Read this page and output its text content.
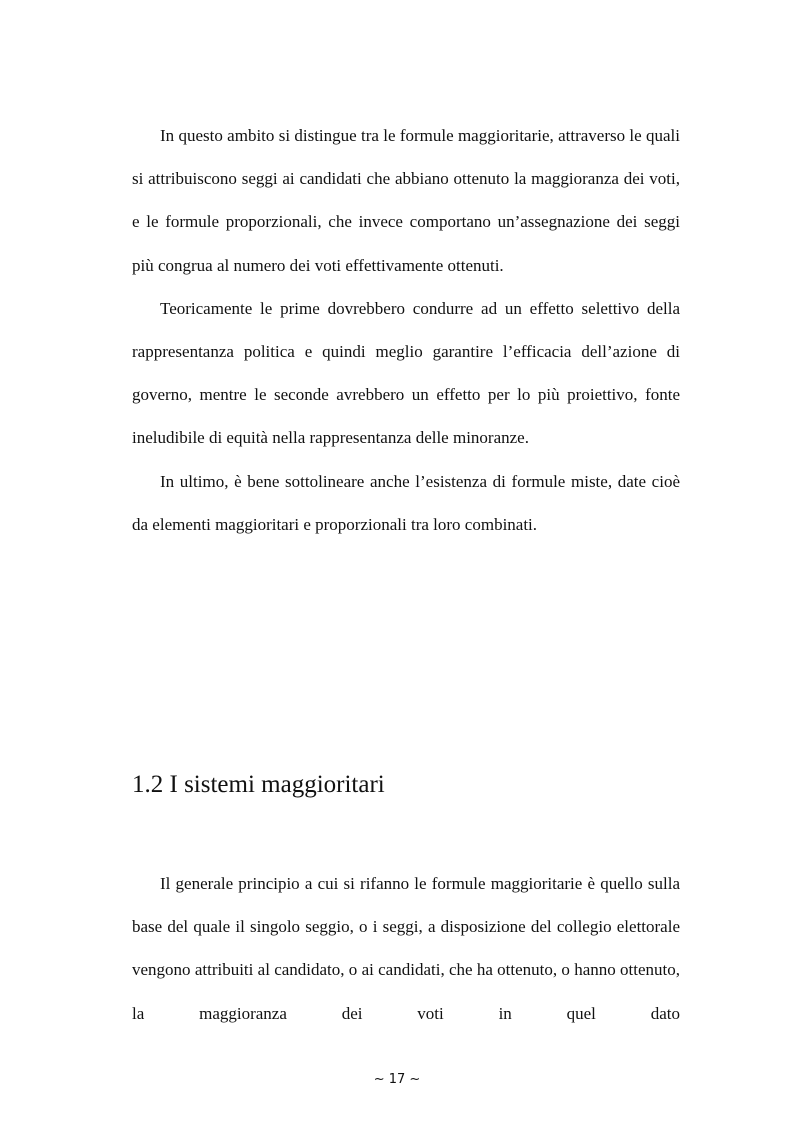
In questo ambito si distingue tra le formule maggioritarie, attraverso le quali si attribuiscono seggi ai candidati che abbiano ottenuto la maggioranza dei voti, e le formule proporzionali, che invece comportano un’assegnazione dei seggi più congrua al numero dei voti effettivamente ottenuti.

Teoricamente le prime dovrebbero condurre ad un effetto selettivo della rappresentanza politica e quindi meglio garantire l’efficacia dell’azione di governo, mentre le seconde avrebbero un effetto per lo più proiettivo, fonte ineludibile di equità nella rappresentanza delle minoranze.

In ultimo, è bene sottolineare anche l’esistenza di formule miste, date cioè da elementi maggioritari e proporzionali tra loro combinati.

1.2 I sistemi maggioritari

Il generale principio a cui si rifanno le formule maggioritarie è quello sulla base del quale il singolo seggio, o i seggi, a disposizione del collegio elettorale vengono attribuiti al candidato, o ai candidati, che ha ottenuto, o hanno ottenuto, la maggioranza dei voti in quel dato

~ 17 ~
